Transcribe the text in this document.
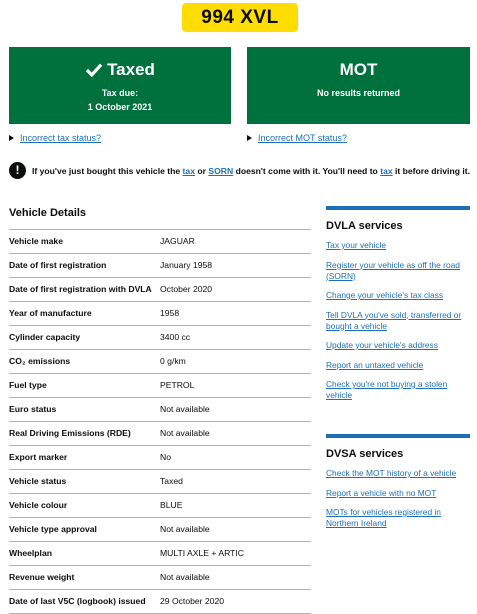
994 XVL
Taxed
Tax due:
1 October 2021
MOT
No results returned
Incorrect tax status?	Incorrect MOT status?
!	If you've just bought this vehicle the tax or SORN doesn't come with it. You'll need to tax it before driving it.
Vehicle Details
Vehicle make	JAGUAR
Date of first registration	January 1958
Date of first registration with DVLA October 2020
Year of manufacture	1958
Cylinder capacity	3400 cc
CO₂ emissions	0 g/km
Fuel type	PETROL
Euro status	Not available
Real Driving Emissions (RDE)	Not available
Export marker	No
Vehicle status	Taxed
Vehicle colour	BLUE
Vehicle type approval	Not available
Wheelplan	MULTI AXLE + ARTIC
Revenue weight	Not available
Date of last V5C (logbook) issued	29 October 2020
DVLA services
Tax your vehicle
Register your vehicle as off the road (SORN)
Change your vehicle's tax class
Tell DVLA you've sold, transferred or bought a vehicle
Update your vehicle's address
Report an untaxed vehicle
Check you're not buying a stolen vehicle
DVSA services
Check the MOT history of a vehicle
Report a vehicle with no MOT
MOTs for vehicles registered in Northern Ireland
